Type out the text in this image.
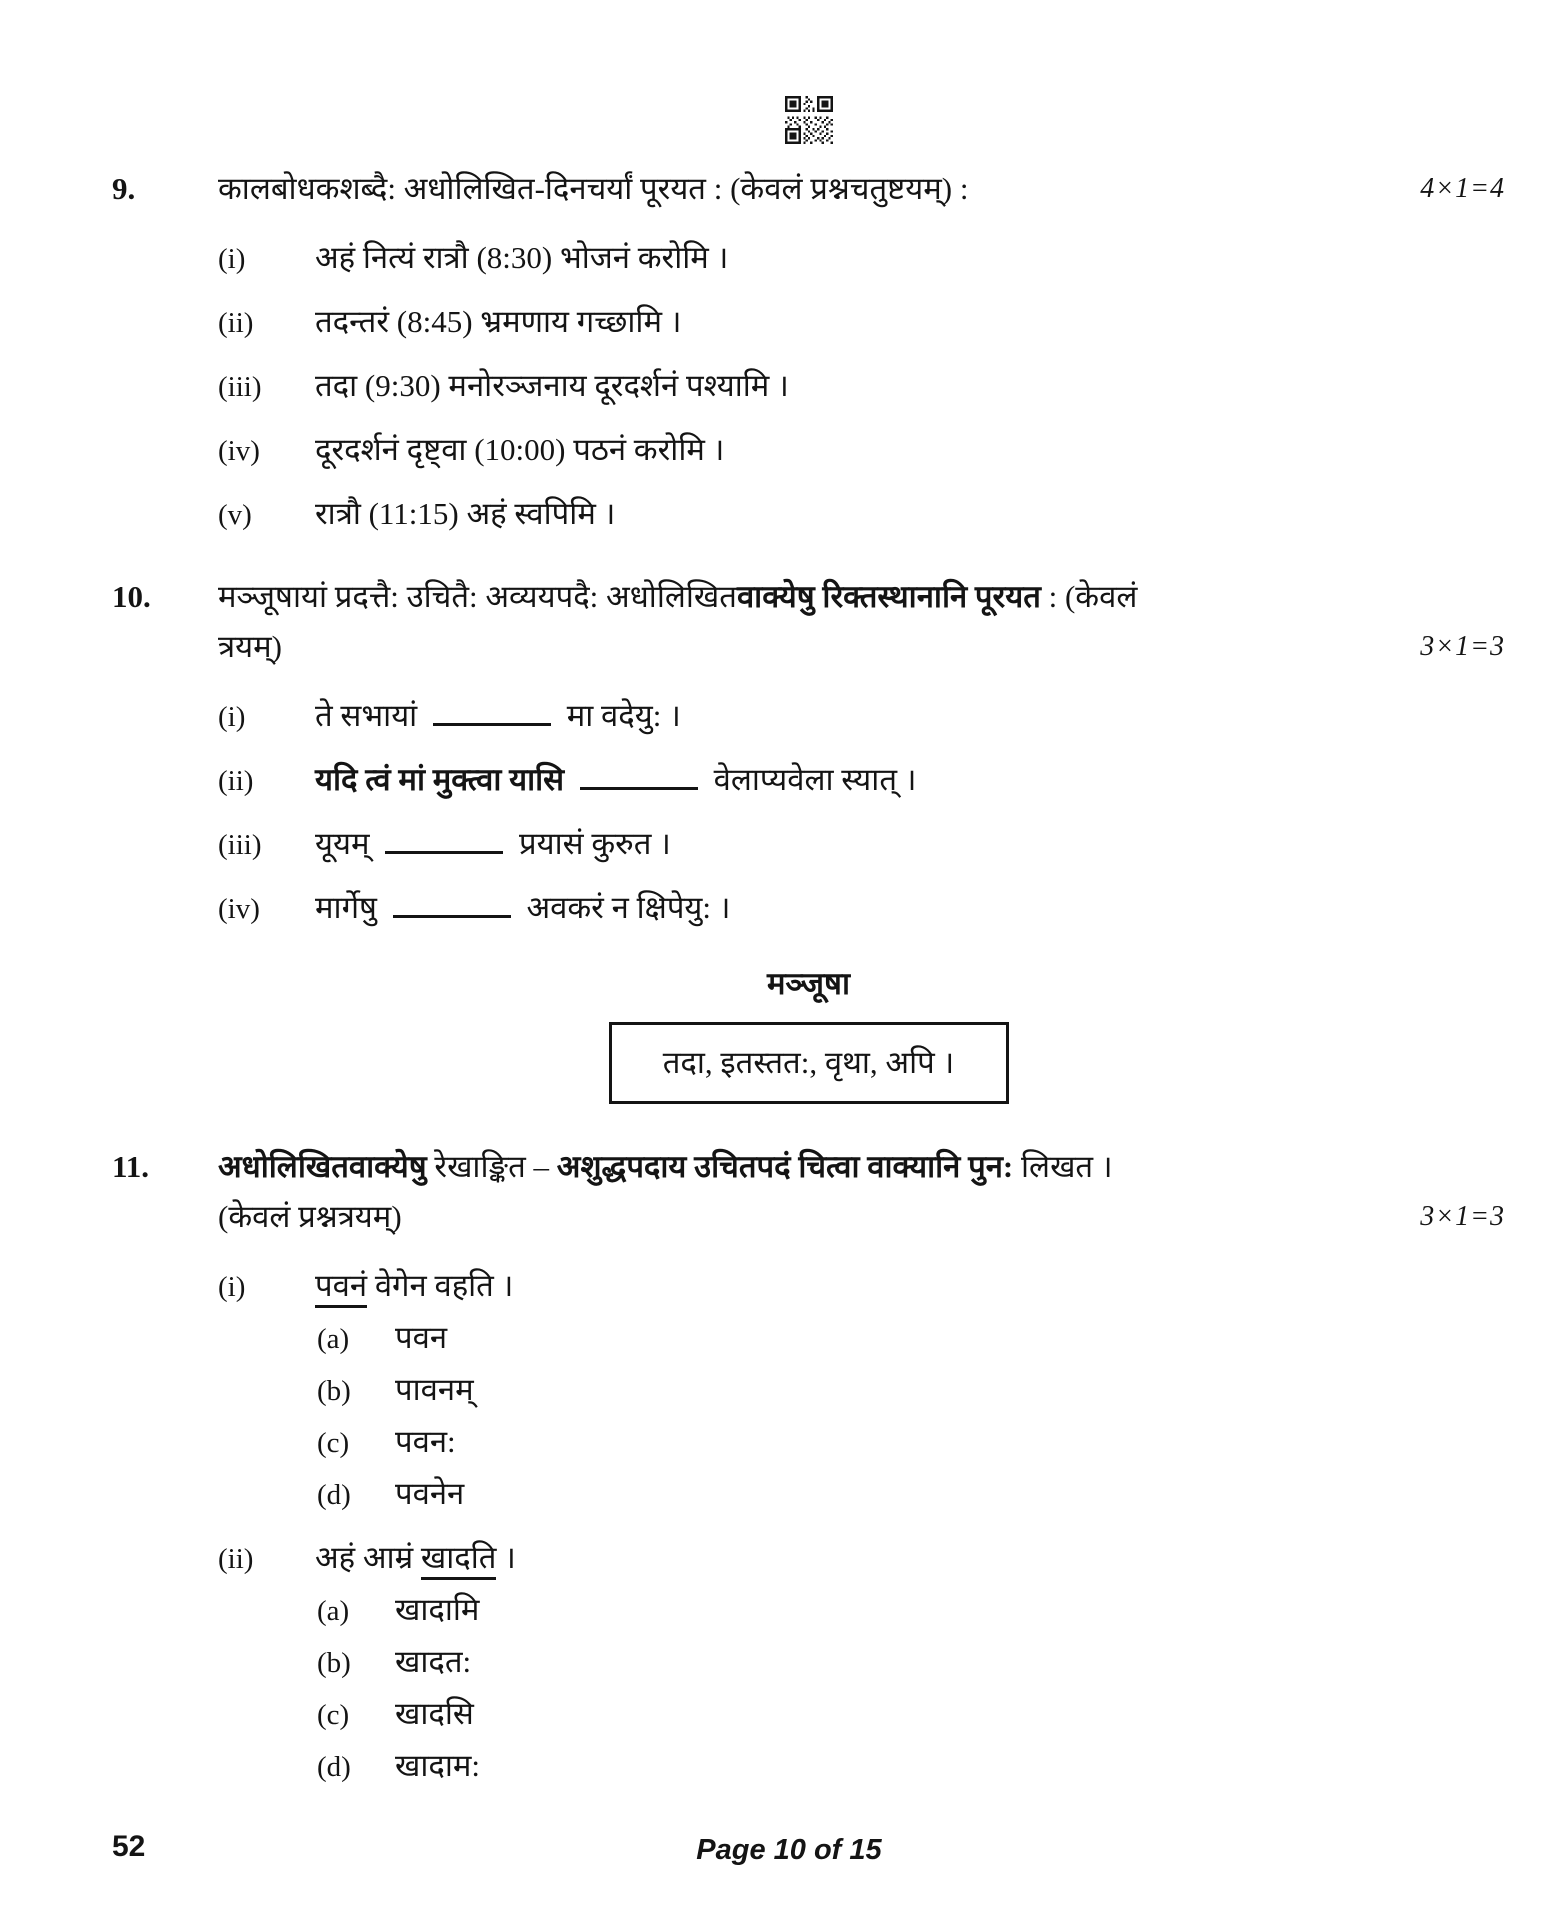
9.	कालबोधकशब्दै: अधोलिखित-दिनचर्यां पूरयत : (केवलं प्रश्नचतुष्टयम्) :	4×1=4
(i)	अहं नित्यं रात्रौ (8:30) भोजनं करोमि ।
(ii)	तदन्तरं (8:45) भ्रमणाय गच्छामि ।
(iii)	तदा (9:30) मनोरञ्जनाय दूरदर्शनं पश्यामि ।
(iv)	दूरदर्शनं दृष्ट्वा (10:00) पठनं करोमि ।
(v)	रात्रौ (11:15) अहं स्वपिमि ।
10.	मञ्जूषायां प्रदत्तै: उचितै: अव्ययपदै: अधोलिखित वाक्येषु रिक्तस्थानानि पूरयत : (केवलं
त्रयम्)	3×1=3
(i)	ते सभायां	मा वदेयु: ।
(ii)	यदि त्वं मां मुक्त्वा यासि	वेलाप्यवेला स्यात् ।
(iii)	यूयम्	प्रयासं कुरुत ।
(iv)	मार्गेषु	अवकरं न क्षिपेयु: ।
मञ्जूषा
तदा, इतस्तत:, वृथा, अपि ।
11.	अधोलिखितवाक्येषु रेखाङ्कित – अशुद्धपदाय उचितपदं चित्वा वाक्यानि पुन: लिखत ।
(केवलं प्रश्नत्रयम्)	3×1=3
(i)	पवनं वेगेन वहति ।
(a)	पवन
(b)	पावनम्
(c)	पवन:
(d)	पवनेन
(ii)	अहं आम्रं खादति ।
(a)	खादामि
(b)	खादत:
(c)	खादसि
(d)	खादाम:
52	Page 10 of 15
